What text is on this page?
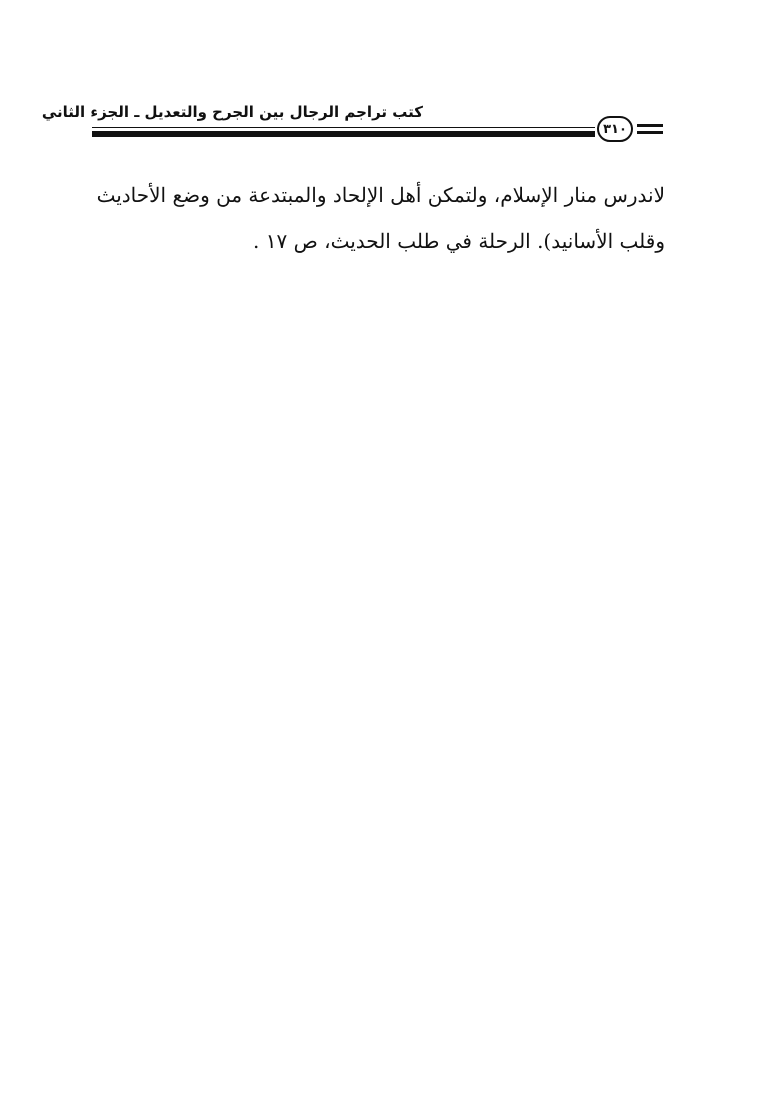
كتب تراجم الرجال بين الجرح والتعديل ـ الجزء الثاني
٣١٠

لاندرس منار الإسلام، ولتمكن أهل الإلحاد والمبتدعة من وضع الأحاديث

وقلب الأسانيد). الرحلة في طلب الحديث، ص ١٧ .
